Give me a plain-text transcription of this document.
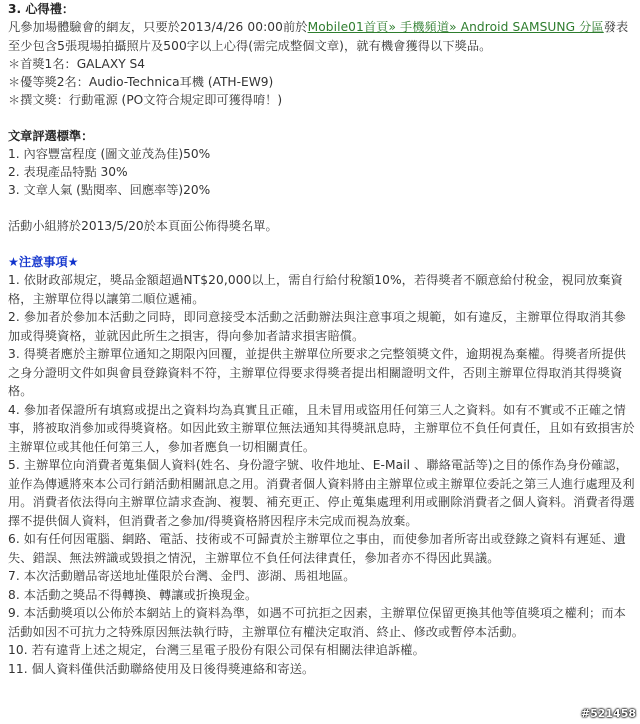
3. 心得禮：
凡參加場體驗會的網友，只要於2013/4/26 00:00前於Mobile01首頁» 手機頻道» Android SAMSUNG 分區發表至少包含5張現場拍攝照片及500字以上心得(需完成整個文章)，就有機會獲得以下獎品。
＊首獎1名：GALAXY S4
＊優等獎2名：Audio-Technica耳機 (ATH-EW9)
＊撰文獎：行動電源 (PO文符合規定即可獲得唷！)
文章評選標準：
1. 內容豐富程度 (圖文並茂為佳)50%
2. 表現產品特點 30%
3. 文章人氣 (點閱率、回應率等)20%
活動小組將於2013/5/20於本頁面公佈得獎名單。
★注意事項★
1. 依財政部規定，獎品金額超過NT$20,000以上，需自行給付稅額10%，若得獎者不願意給付稅金，視同放棄資格，主辦單位得以讓第二順位遞補。
2. 參加者於參加本活動之同時，即同意接受本活動之活動辦法與注意事項之規範，如有違反，主辦單位得取消其參加或得獎資格，並就因此所生之損害，得向參加者請求損害賠償。
3. 得獎者應於主辦單位通知之期限內回覆，並提供主辦單位所要求之完整領獎文件，逾期視為棄權。得獎者所提供之身分證明文件如與會員登錄資料不符，主辦單位得要求得獎者提出相關證明文件，否則主辦單位得取消其得獎資格。
4. 參加者保證所有填寫或提出之資料均為真實且正確，且未冒用或盜用任何第三人之資料。如有不實或不正確之情事，將被取消參加或得獎資格。如因此致主辦單位無法通知其得獎訊息時，主辦單位不負任何責任，且如有致損害於主辦單位或其他任何第三人，參加者應負一切相關責任。
5. 主辦單位向消費者蒐集個人資料(姓名、身份證字號、收件地址、E-Mail 、聯絡電話等)之目的係作為身份確認，並作為傳遞將來本公司行銷活動相關訊息之用。消費者個人資料將由主辦單位或主辦單位委託之第三人進行處理及利用。消費者依法得向主辦單位請求查詢、複製、補充更正、停止蒐集處理利用或刪除消費者之個人資料。消費者得選擇不提供個人資料，但消費者之參加/得獎資格將因程序未完成而視為放棄。
6. 如有任何因電腦、網路、電話、技術或不可歸責於主辦單位之事由，而使參加者所寄出或登錄之資料有遲延、遺失、錯誤、無法辨識或毀損之情況，主辦單位不負任何法律責任，參加者亦不得因此異議。
7. 本次活動贈品寄送地址僅限於台灣、金門、澎湖、馬祖地區。
8. 本活動之獎品不得轉換、轉讓或折換現金。
9. 本活動獎項以公佈於本網站上的資料為準，如遇不可抗拒之因素，主辦單位保留更換其他等值獎項之權利；而本活動如因不可抗力之特殊原因無法執行時，主辦單位有權決定取消、終止、修改或暫停本活動。
10. 若有違背上述之規定，台灣三星電子股份有限公司保有相關法律追訴權。
11. 個人資料僅供活動聯絡使用及日後得獎連絡和寄送。
#521458
